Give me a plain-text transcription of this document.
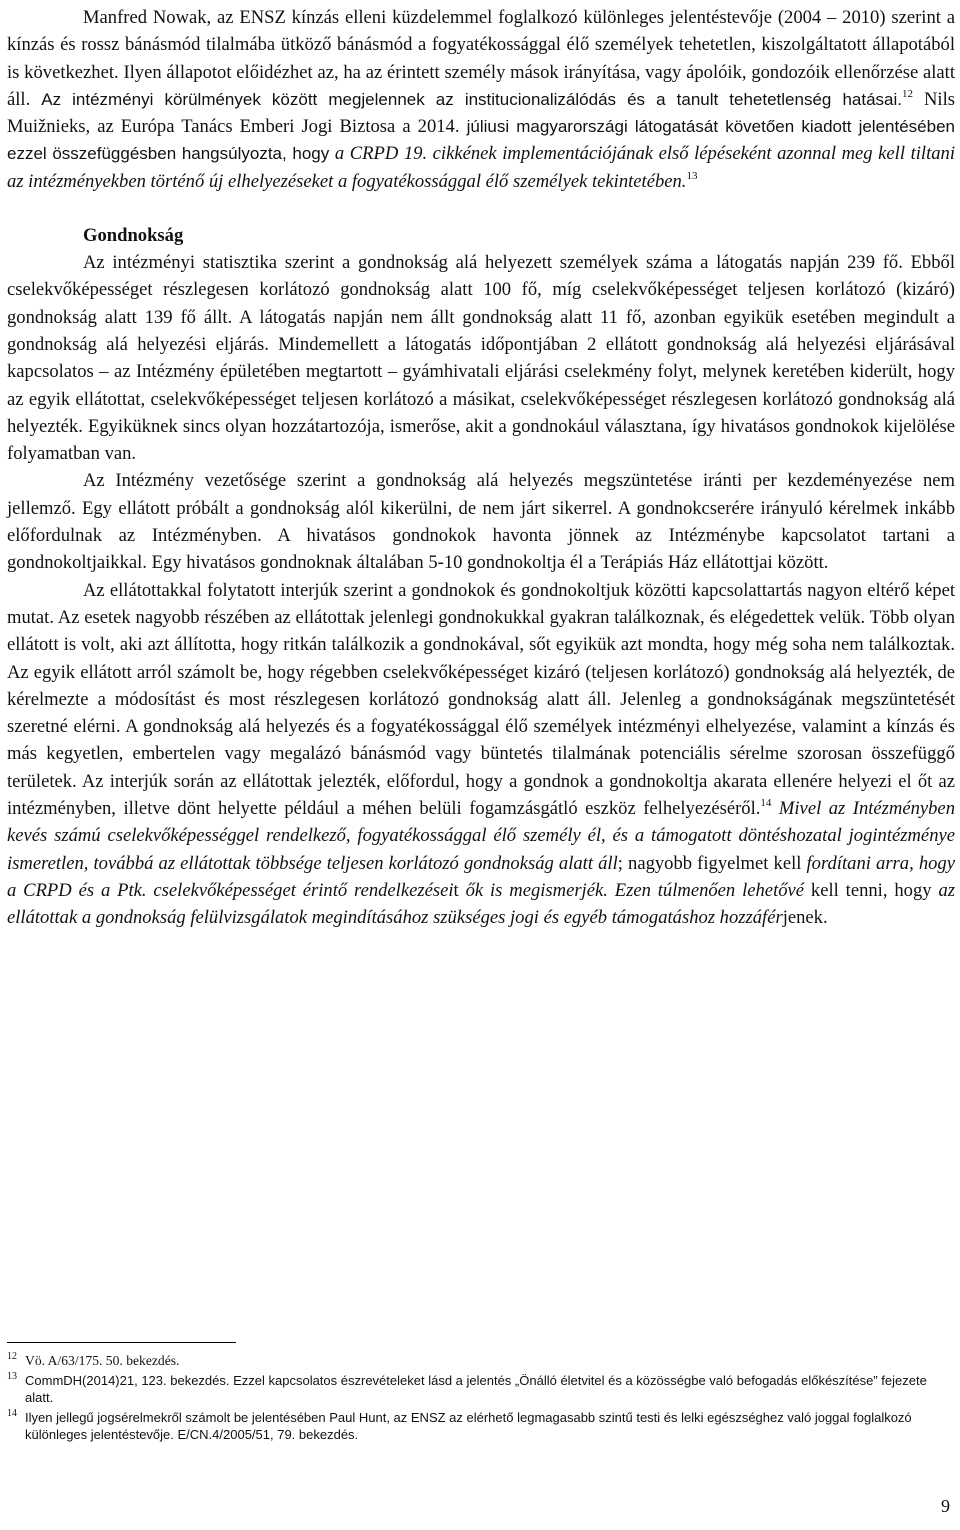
Manfred Nowak, az ENSZ kínzás elleni küzdelemmel foglalkozó különleges jelentéstevője (2004 – 2010) szerint a kínzás és rossz bánásmód tilalmába ütköző bánásmód a fogyatékossággal élő személyek tehetetlen, kiszolgáltatott állapotából is következhet. Ilyen állapotot előidézhet az, ha az érintett személy mások irányítása, vagy ápolóik, gondozóik ellenőrzése alatt áll. Az intézményi körülmények között megjelennek az institucionalizálódás és a tanult tehetetlenség hatásai.$^{12}$ Nils Muižnieks, az Európa Tanács Emberi Jogi Biztosa a 2014. júliusi magyarországi látogatását követően kiadott jelentésében ezzel összefüggésben hangsúlyozta, hogy a CRPD 19. cikkének implementációjának első lépéseként azonnal meg kell tiltani az intézményekben történő új elhelyezéseket a fogyatékossággal élő személyek tekintetében.$^{13}$

Gondnokság

Az intézményi statisztika szerint a gondnokság alá helyezett személyek száma a látogatás napján 239 fő. Ebből cselekvőképességet részlegesen korlátozó gondnokság alatt 100 fő, míg cselekvőképességet teljesen korlátozó (kizáró) gondnokság alatt 139 fő állt. A látogatás napján nem állt gondnokság alatt 11 fő, azonban egyikük esetében megindult a gondnokság alá helyezési eljárás. Mindemellett a látogatás időpontjában 2 ellátott gondnokság alá helyezési eljárásával kapcsolatos – az Intézmény épületében megtartott – gyámhivatali eljárási cselekmény folyt, melynek keretében kiderült, hogy az egyik ellátottat, cselekvőképességet teljesen korlátozó a másikat, cselekvőképességet részlegesen korlátozó gondnokság alá helyezték. Egyiküknek sincs olyan hozzátartozója, ismerőse, akit a gondnokául választana, így hivatásos gondnokok kijelölése folyamatban van.

Az Intézmény vezetősége szerint a gondnokság alá helyezés megszüntetése iránti per kezdeményezése nem jellemző. Egy ellátott próbált a gondnokság alól kikerülni, de nem járt sikerrel. A gondnokcserére irányuló kérelmek inkább előfordulnak az Intézményben. A hivatásos gondnokok havonta jönnek az Intézménybe kapcsolatot tartani a gondnokoltjaikkal. Egy hivatásos gondnoknak általában 5-10 gondnokoltja él a Terápiás Ház ellátottjai között.

Az ellátottakkal folytatott interjúk szerint a gondnokok és gondnokoltjuk közötti kapcsolattartás nagyon eltérő képet mutat. Az esetek nagyobb részében az ellátottak jelenlegi gondnokukkal gyakran találkoznak, és elégedettek velük. Több olyan ellátott is volt, aki azt állította, hogy ritkán találkozik a gondnokával, sőt egyikük azt mondta, hogy még soha nem találkoztak. Az egyik ellátott arról számolt be, hogy régebben cselekvőképességet kizáró (teljesen korlátozó) gondnokság alá helyezték, de kérelmezte a módosítást és most részlegesen korlátozó gondnokság alatt áll. Jelenleg a gondnokságának megszüntetését szeretné elérni. A gondnokság alá helyezés és a fogyatékossággal élő személyek intézményi elhelyezése, valamint a kínzás és más kegyetlen, embertelen vagy megalázó bánásmód vagy büntetés tilalmának potenciális sérelme szorosan összefüggő területek. Az interjúk során az ellátottak jelezték, előfordul, hogy a gondnok a gondnokoltja akarata ellenére helyezi el őt az intézményben, illetve dönt helyette például a méhen belüli fogamzásgátló eszköz felhelyezéséről.$^{14}$ Mivel az Intézményben kevés számú cselekvőképességgel rendelkező, fogyatékossággal élő személy él, és a támogatott döntéshozatal jogintézménye ismeretlen, továbbá az ellátottak többsége teljesen korlátozó gondnokság alatt áll; nagyobb figyelmet kell fordítani arra, hogy a CRPD és a Ptk. cselekvőképességet érintő rendelkezéseit ők is megismerjék. Ezen túlmenően lehetővé kell tenni, hogy az ellátottak a gondnokság felülvizsgálatok megindításához szükséges jogi és egyéb támogatáshoz hozzáférjenek.

12 Vö. A/63/175. 50. bekezdés.
13 CommDH(2014)21, 123. bekezdés. Ezzel kapcsolatos észrevételeket lásd a jelentés „Önálló életvitel és a közösségbe való befogadás előkészítése” fejezete alatt.
14 Ilyen jellegű jogsérelmekről számolt be jelentésében Paul Hunt, az ENSZ az elérhető legmagasabb szintű testi és lelki egészséghez való joggal foglalkozó különleges jelentéstevője. E/CN.4/2005/51, 79. bekezdés.
9
